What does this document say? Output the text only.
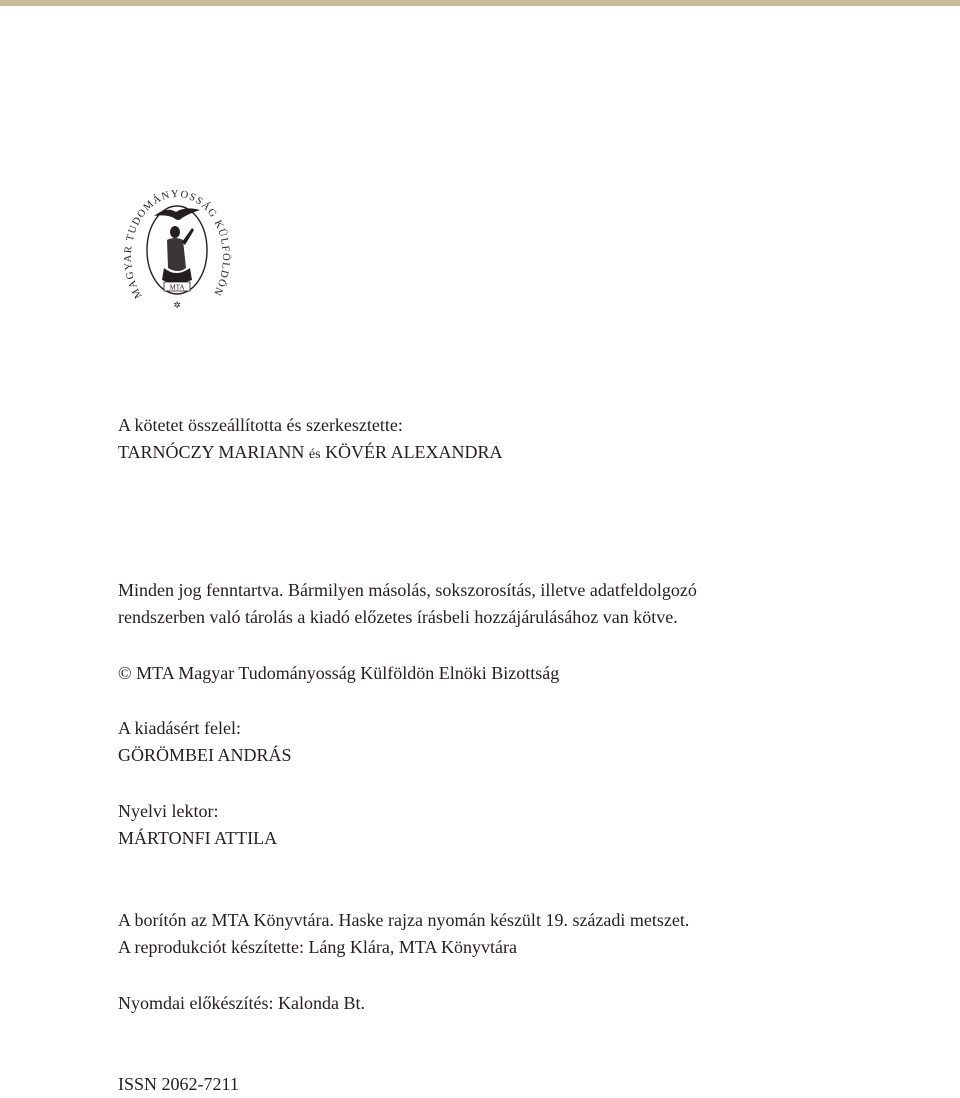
MAGYAR TUDOMÁNYOSSÁG KÜLFÖLDÖN
MTA
✲
A kötetet összeállította és szerkesztette:
TARNÓCZY MARIANN és KÖVÉR ALEXANDRA
Minden jog fenntartva. Bármilyen másolás, sokszorosítás, illetve adatfeldolgozó
rendszerben való tárolás a kiadó előzetes írásbeli hozzájárulásához van kötve.
© MTA Magyar Tudományosság Külföldön Elnöki Bizottság
A kiadásért felel:
GÖRÖMBEI ANDRÁS
Nyelvi lektor:
MÁRTONFI ATTILA
A borítón az MTA Könyvtára. Haske rajza nyomán készült 19. századi metszet.
A reprodukciót készítette: Láng Klára, MTA Könyvtára
Nyomdai előkészítés: Kalonda Bt.
ISSN 2062-7211
